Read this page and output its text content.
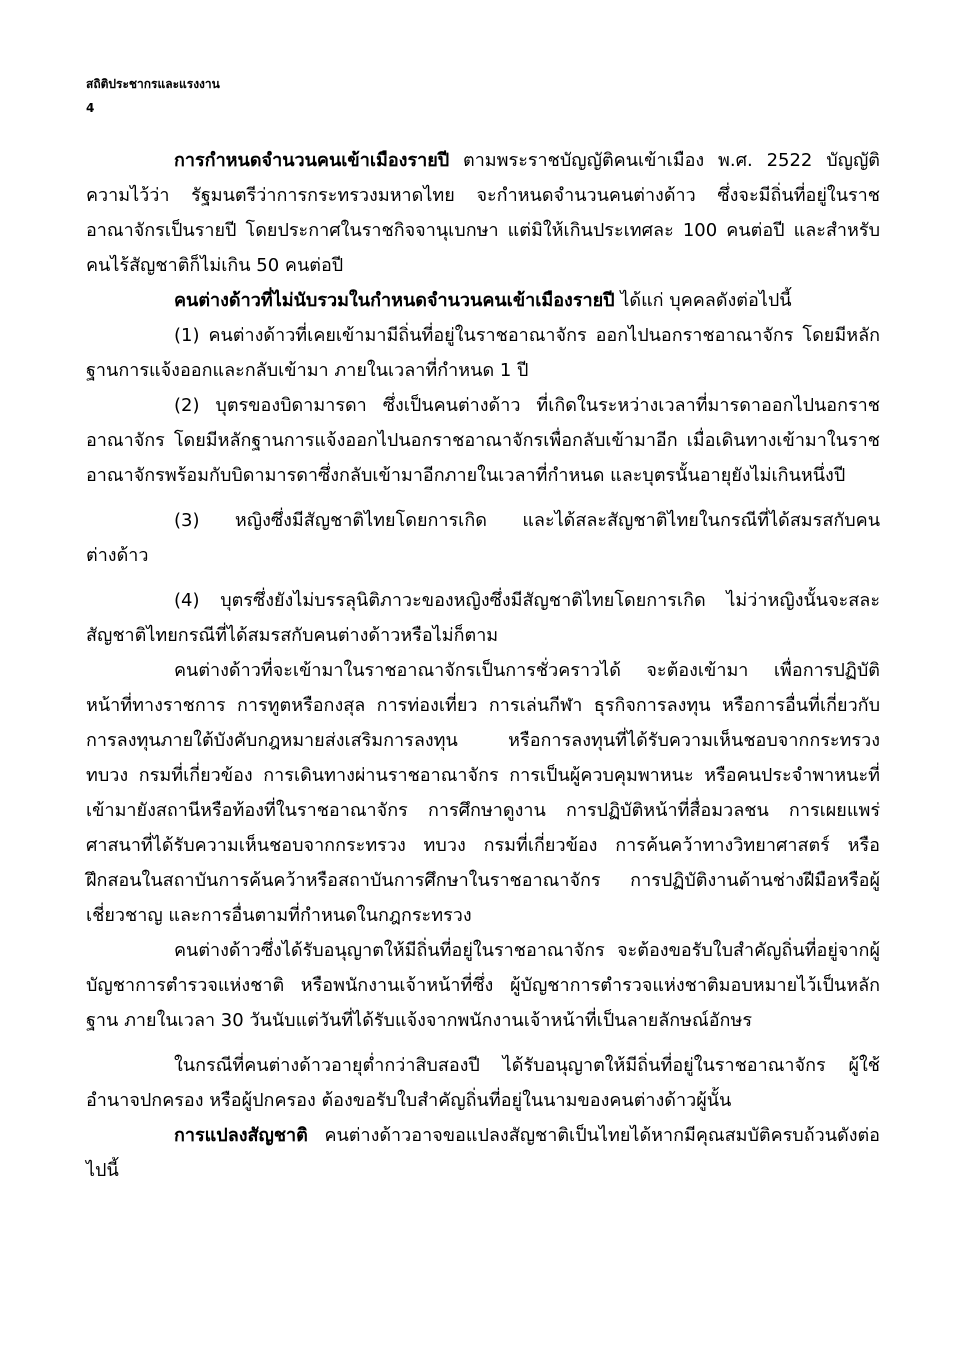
สถิติประชากรและแรงงาน
4

การกำหนดจำนวนคนเข้าเมืองรายปี ตามพระราชบัญญัติคนเข้าเมือง พ.ศ. 2522 บัญญัติความไว้ว่า รัฐมนตรีว่าการกระทรวงมหาดไทย จะกำหนดจำนวนคนต่างด้าว ซึ่งจะมีถิ่นที่อยู่ในราชอาณาจักรเป็นรายปี โดยประกาศในราชกิจจานุเบกษา แต่มิให้เกินประเทศละ 100 คนต่อปี และสำหรับคนไร้สัญชาติก็ไม่เกิน 50 คนต่อปี

คนต่างด้าวที่ไม่นับรวมในกำหนดจำนวนคนเข้าเมืองรายปี ได้แก่ บุคคลดังต่อไปนี้

(1) คนต่างด้าวที่เคยเข้ามามีถิ่นที่อยู่ในราชอาณาจักร ออกไปนอกราชอาณาจักร โดยมีหลักฐานการแจ้งออกและกลับเข้ามา ภายในเวลาที่กำหนด 1 ปี

(2) บุตรของบิดามารดา ซึ่งเป็นคนต่างด้าว ที่เกิดในระหว่างเวลาที่มารดาออกไปนอกราชอาณาจักร โดยมีหลักฐานการแจ้งออกไปนอกราชอาณาจักรเพื่อกลับเข้ามาอีก เมื่อเดินทางเข้ามาในราชอาณาจักรพร้อมกับบิดามารดาซึ่งกลับเข้ามาอีกภายในเวลาที่กำหนด และบุตรนั้นอายุยังไม่เกินหนึ่งปี

(3) หญิงซึ่งมีสัญชาติไทยโดยการเกิด และได้สละสัญชาติไทยในกรณีที่ได้สมรสกับคนต่างด้าว

(4) บุตรซึ่งยังไม่บรรลุนิติภาวะของหญิงซึ่งมีสัญชาติไทยโดยการเกิด ไม่ว่าหญิงนั้นจะสละสัญชาติไทยกรณีที่ได้สมรสกับคนต่างด้าวหรือไม่ก็ตาม

คนต่างด้าวที่จะเข้ามาในราชอาณาจักรเป็นการชั่วคราวได้ จะต้องเข้ามา เพื่อการปฏิบัติหน้าที่ทางราชการ การทูตหรือกงสุล การท่องเที่ยว การเล่นกีฬา ธุรกิจการลงทุน หรือการอื่นที่เกี่ยวกับการลงทุนภายใต้บังคับกฎหมายส่งเสริมการลงทุน หรือการลงทุนที่ได้รับความเห็นชอบจากกระทรวง ทบวง กรมที่เกี่ยวข้อง การเดินทางผ่านราชอาณาจักร การเป็นผู้ควบคุมพาหนะ หรือคนประจำพาหนะที่เข้ามายังสถานีหรือท้องที่ในราชอาณาจักร การศึกษาดูงาน การปฏิบัติหน้าที่สื่อมวลชน การเผยแพร่ศาสนาที่ได้รับความเห็นชอบจากกระทรวง ทบวง กรมที่เกี่ยวข้อง การค้นคว้าทางวิทยาศาสตร์ หรือฝึกสอนในสถาบันการค้นคว้าหรือสถาบันการศึกษาในราชอาณาจักร การปฏิบัติงานด้านช่างฝีมือหรือผู้เชี่ยวชาญ และการอื่นตามที่กำหนดในกฎกระทรวง

คนต่างด้าวซึ่งได้รับอนุญาตให้มีถิ่นที่อยู่ในราชอาณาจักร จะต้องขอรับใบสำคัญถิ่นที่อยู่จากผู้บัญชาการตำรวจแห่งชาติ หรือพนักงานเจ้าหน้าที่ซึ่ง ผู้บัญชาการตำรวจแห่งชาติมอบหมายไว้เป็นหลักฐาน ภายในเวลา 30 วันนับแต่วันที่ได้รับแจ้งจากพนักงานเจ้าหน้าที่เป็นลายลักษณ์อักษร

ในกรณีที่คนต่างด้าวอายุต่ำกว่าสิบสองปี ได้รับอนุญาตให้มีถิ่นที่อยู่ในราชอาณาจักร ผู้ใช้อำนาจปกครอง หรือผู้ปกครอง ต้องขอรับใบสำคัญถิ่นที่อยู่ในนามของคนต่างด้าวผู้นั้น

การแปลงสัญชาติ คนต่างด้าวอาจขอแปลงสัญชาติเป็นไทยได้หากมีคุณสมบัติครบถ้วนดังต่อไปนี้
